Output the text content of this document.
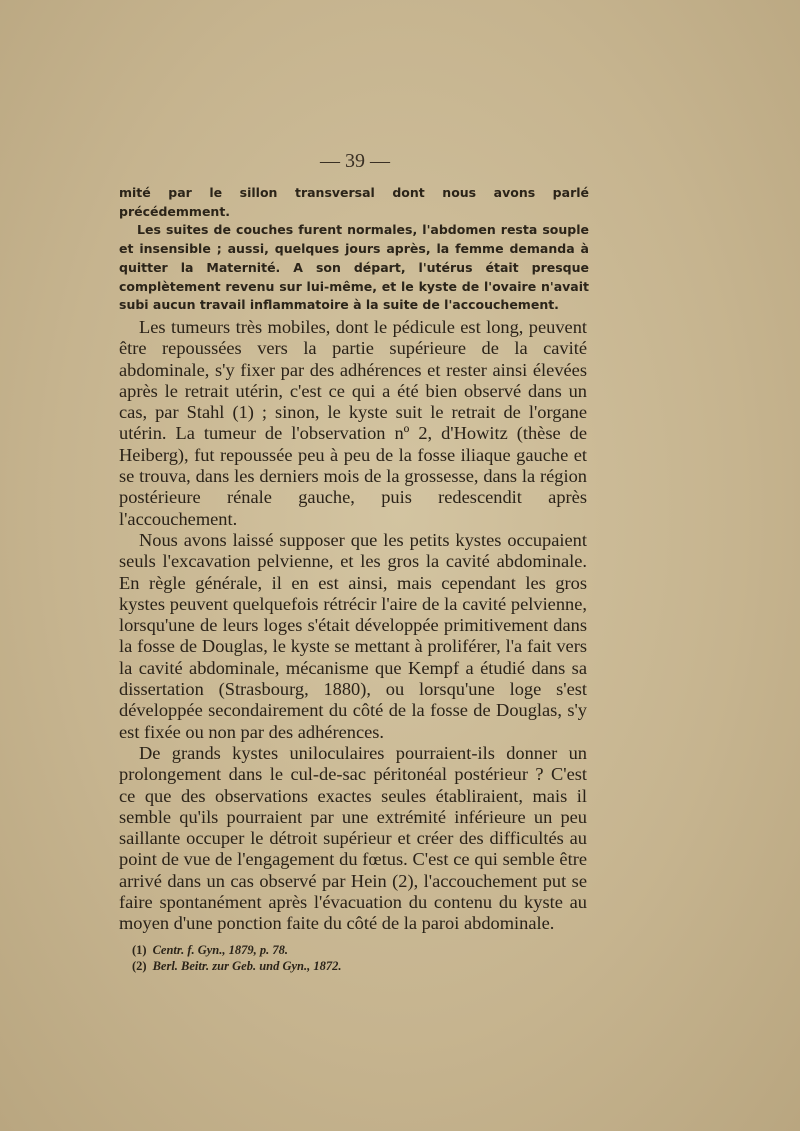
— 39 —

mité par le sillon transversal dont nous avons parlé précédemment.

Les suites de couches furent normales, l'abdomen resta souple et insensible ; aussi, quelques jours après, la femme demanda à quitter la Maternité. A son départ, l'utérus était presque complètement revenu sur lui-même, et le kyste de l'ovaire n'avait subi aucun travail inflammatoire à la suite de l'accouchement.

Les tumeurs très mobiles, dont le pédicule est long, peuvent être repoussées vers la partie supérieure de la cavité abdominale, s'y fixer par des adhérences et rester ainsi élevées après le retrait utérin, c'est ce qui a été bien observé dans un cas, par Stahl (1) ; sinon, le kyste suit le retrait de l'organe utérin. La tumeur de l'observation nº 2, d'Howitz (thèse de Heiberg), fut repoussée peu à peu de la fosse iliaque gauche et se trouva, dans les derniers mois de la grossesse, dans la région postérieure rénale gauche, puis redescendit après l'accouchement.

Nous avons laissé supposer que les petits kystes occupaient seuls l'excavation pelvienne, et les gros la cavité abdominale. En règle générale, il en est ainsi, mais cependant les gros kystes peuvent quelquefois rétrécir l'aire de la cavité pelvienne, lorsqu'une de leurs loges s'était développée primitivement dans la fosse de Douglas, le kyste se mettant à proliférer, l'a fait vers la cavité abdominale, mécanisme que Kempf a étudié dans sa dissertation (Strasbourg, 1880), ou lorsqu'une loge s'est développée secondairement du côté de la fosse de Douglas, s'y est fixée ou non par des adhérences.

De grands kystes uniloculaires pourraient-ils donner un prolongement dans le cul-de-sac péritonéal postérieur ? C'est ce que des observations exactes seules établiraient, mais il semble qu'ils pourraient par une extrémité inférieure un peu saillante occuper le détroit supérieur et créer des difficultés au point de vue de l'engagement du fœtus. C'est ce qui semble être arrivé dans un cas observé par Hein (2), l'accouchement put se faire spontanément après l'évacuation du contenu du kyste au moyen d'une ponction faite du côté de la paroi abdominale.

(1) Centr. f. Gyn., 1879, p. 78.

(2) Berl. Beitr. zur Geb. und Gyn., 1872.
